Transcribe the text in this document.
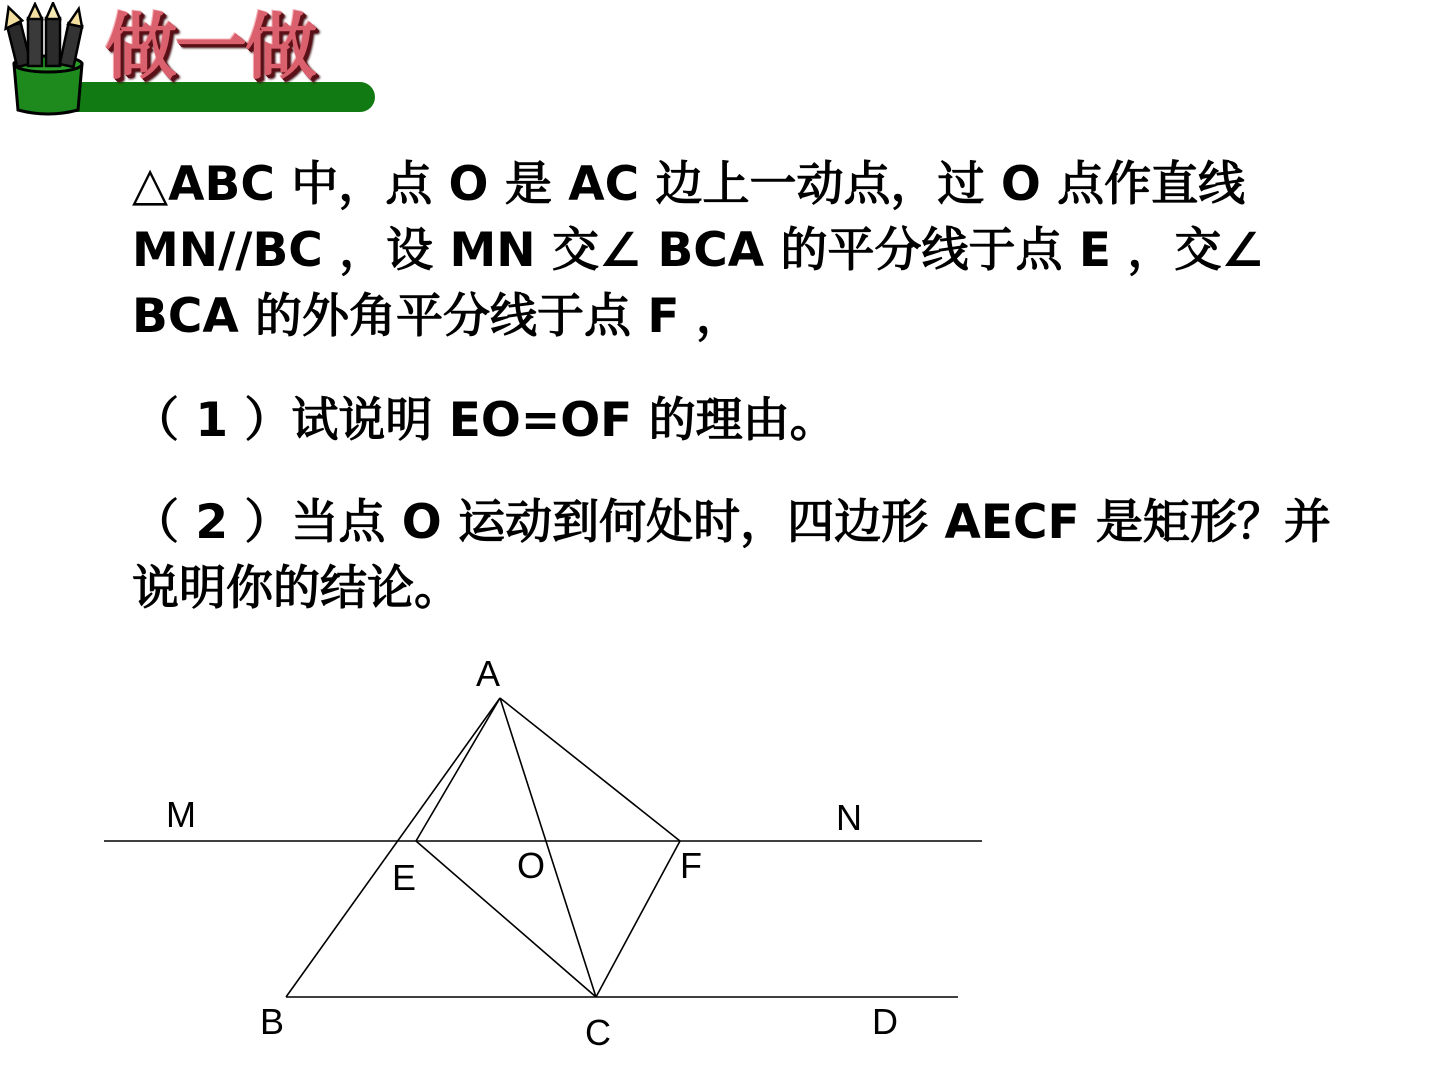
做一做

△ABC 中，点 O 是 AC 边上一动点，过 O 点作直线 MN//BC ，设 MN 交∠ BCA 的平分线于点 E ，交∠ BCA 的外角平分线于点 F ，

（ 1 ）试说明 EO=OF 的理由。

（ 2 ）当点 O 运动到何处时，四边形 AECF 是矩形？并说明你的结论。

A
M	N
E	O	F
B	C	D
